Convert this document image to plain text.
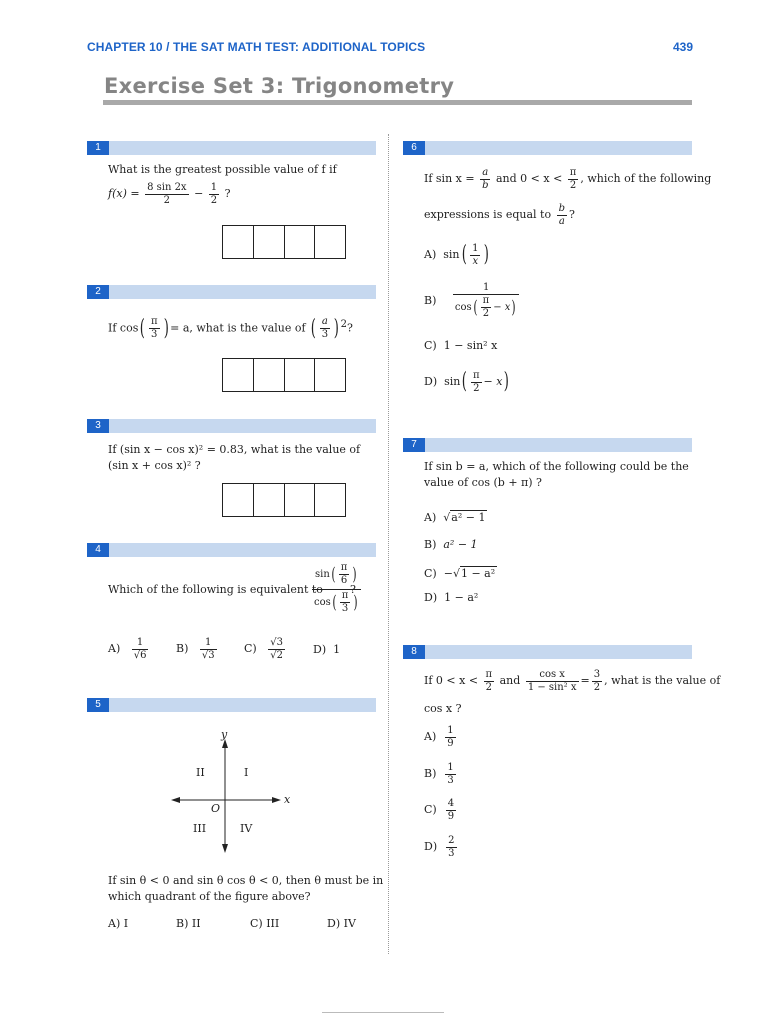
CHAPTER 10 / THE SAT MATH TEST: ADDITIONAL TOPICS	439
Exercise Set 3: Trigonometry
1
What is the greatest possible value of f if
$f(x) = \frac{8 \sin 2x}{2} - \frac{1}{2}$ ?
2
If $\cos( \frac{\pi}{3}$ ) = a, what is the value of ( $\frac{a}{3}$ ) $^2$?
3
If (sin x − cos x)² = 0.83, what is the value of
(sin x + cos x)² ?
4
Which of the following is equivalent to
$\frac{\sin( \frac{\pi}{6} )}{\cos( \frac{\pi}{3} )}$
?
$A) \frac{1}{√6}$	$B) \frac{1}{√3} C) \frac{√3}{√2}$	D) 1
5
y
x
O
II	I
III	IV
If sin θ < 0 and sin θ cos θ < 0, then θ must be in
which quadrant of the figure above?
A) I	B) II	C) III	D) IV
6
If $\sin x = \frac{a}{b}$ and $0 < x < \frac{\pi}{2}$ , which of the following
expressions is equal to $\frac{b}{a}$ ?
A) $\sin( \frac{1}{x}$ )
$B) \frac{1}{\cos( \frac{\pi}{2} - x)}$
C) 1 − sin² x
D) $\sin( \frac{\pi}{2} - x)$
7
If sin b = a, which of the following could be the
value of cos (b + π) ?
A)  √a² − 1
B) a² − 1
C) −√1 − a²
D) 1 − a²
8
If $0 < x < \frac{\pi}{2}$ and $\frac{\text{cos x}}{\text{1 − sin² x}} = \frac{3}{2}$ , what is the value of
cos x ?
$A) \frac{1}{9}$
$B) \frac{1}{3}$
$C) \frac{4}{9}$
$D) \frac{2}{3}$
